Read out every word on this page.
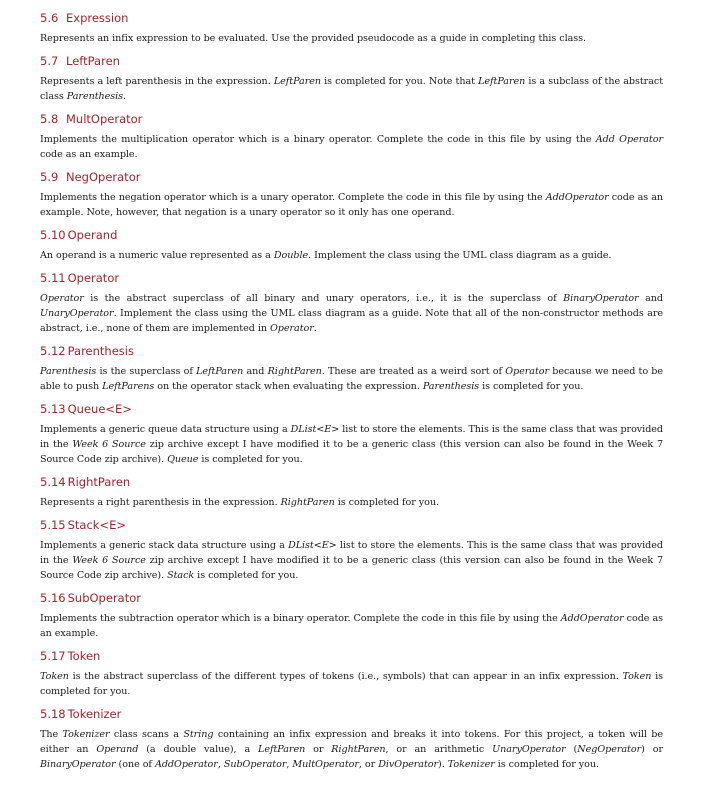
5.6 Expression
Represents an infix expression to be evaluated. Use the provided pseudocode as a guide in completing this class.
5.7 LeftParen
Represents a left parenthesis in the expression. LeftParen is completed for you. Note that LeftParen is a subclass of the abstract class Parenthesis.
5.8 MultOperator
Implements the multiplication operator which is a binary operator. Complete the code in this file by using the Add Operator code as an example.
5.9 NegOperator
Implements the negation operator which is a unary operator. Complete the code in this file by using the AddOperator code as an example. Note, however, that negation is a unary operator so it only has one operand.
5.10 Operand
An operand is a numeric value represented as a Double. Implement the class using the UML class diagram as a guide.
5.11 Operator
Operator is the abstract superclass of all binary and unary operators, i.e., it is the superclass of BinaryOperator and UnaryOperator. Implement the class using the UML class diagram as a guide. Note that all of the non-constructor methods are abstract, i.e., none of them are implemented in Operator.
5.12 Parenthesis
Parenthesis is the superclass of LeftParen and RightParen. These are treated as a weird sort of Operator because we need to be able to push LeftParens on the operator stack when evaluating the expression. Parenthesis is completed for you.
5.13 Queue<E>
Implements a generic queue data structure using a DList<E> list to store the elements. This is the same class that was provided in the Week 6 Source zip archive except I have modified it to be a generic class (this version can also be found in the Week 7 Source Code zip archive). Queue is completed for you.
5.14 RightParen
Represents a right parenthesis in the expression. RightParen is completed for you.
5.15 Stack<E>
Implements a generic stack data structure using a DList<E> list to store the elements. This is the same class that was provided in the Week 6 Source zip archive except I have modified it to be a generic class (this version can also be found in the Week 7 Source Code zip archive). Stack is completed for you.
5.16 SubOperator
Implements the subtraction operator which is a binary operator. Complete the code in this file by using the AddOperator code as an example.
5.17 Token
Token is the abstract superclass of the different types of tokens (i.e., symbols) that can appear in an infix expression. Token is completed for you.
5.18 Tokenizer
The Tokenizer class scans a String containing an infix expression and breaks it into tokens. For this project, a token will be either an Operand (a double value), a LeftParen or RightParen, or an arithmetic UnaryOperator (NegOperator) or BinaryOperator (one of AddOperator, SubOperator, MultOperator, or DivOperator). Tokenizer is completed for you.
